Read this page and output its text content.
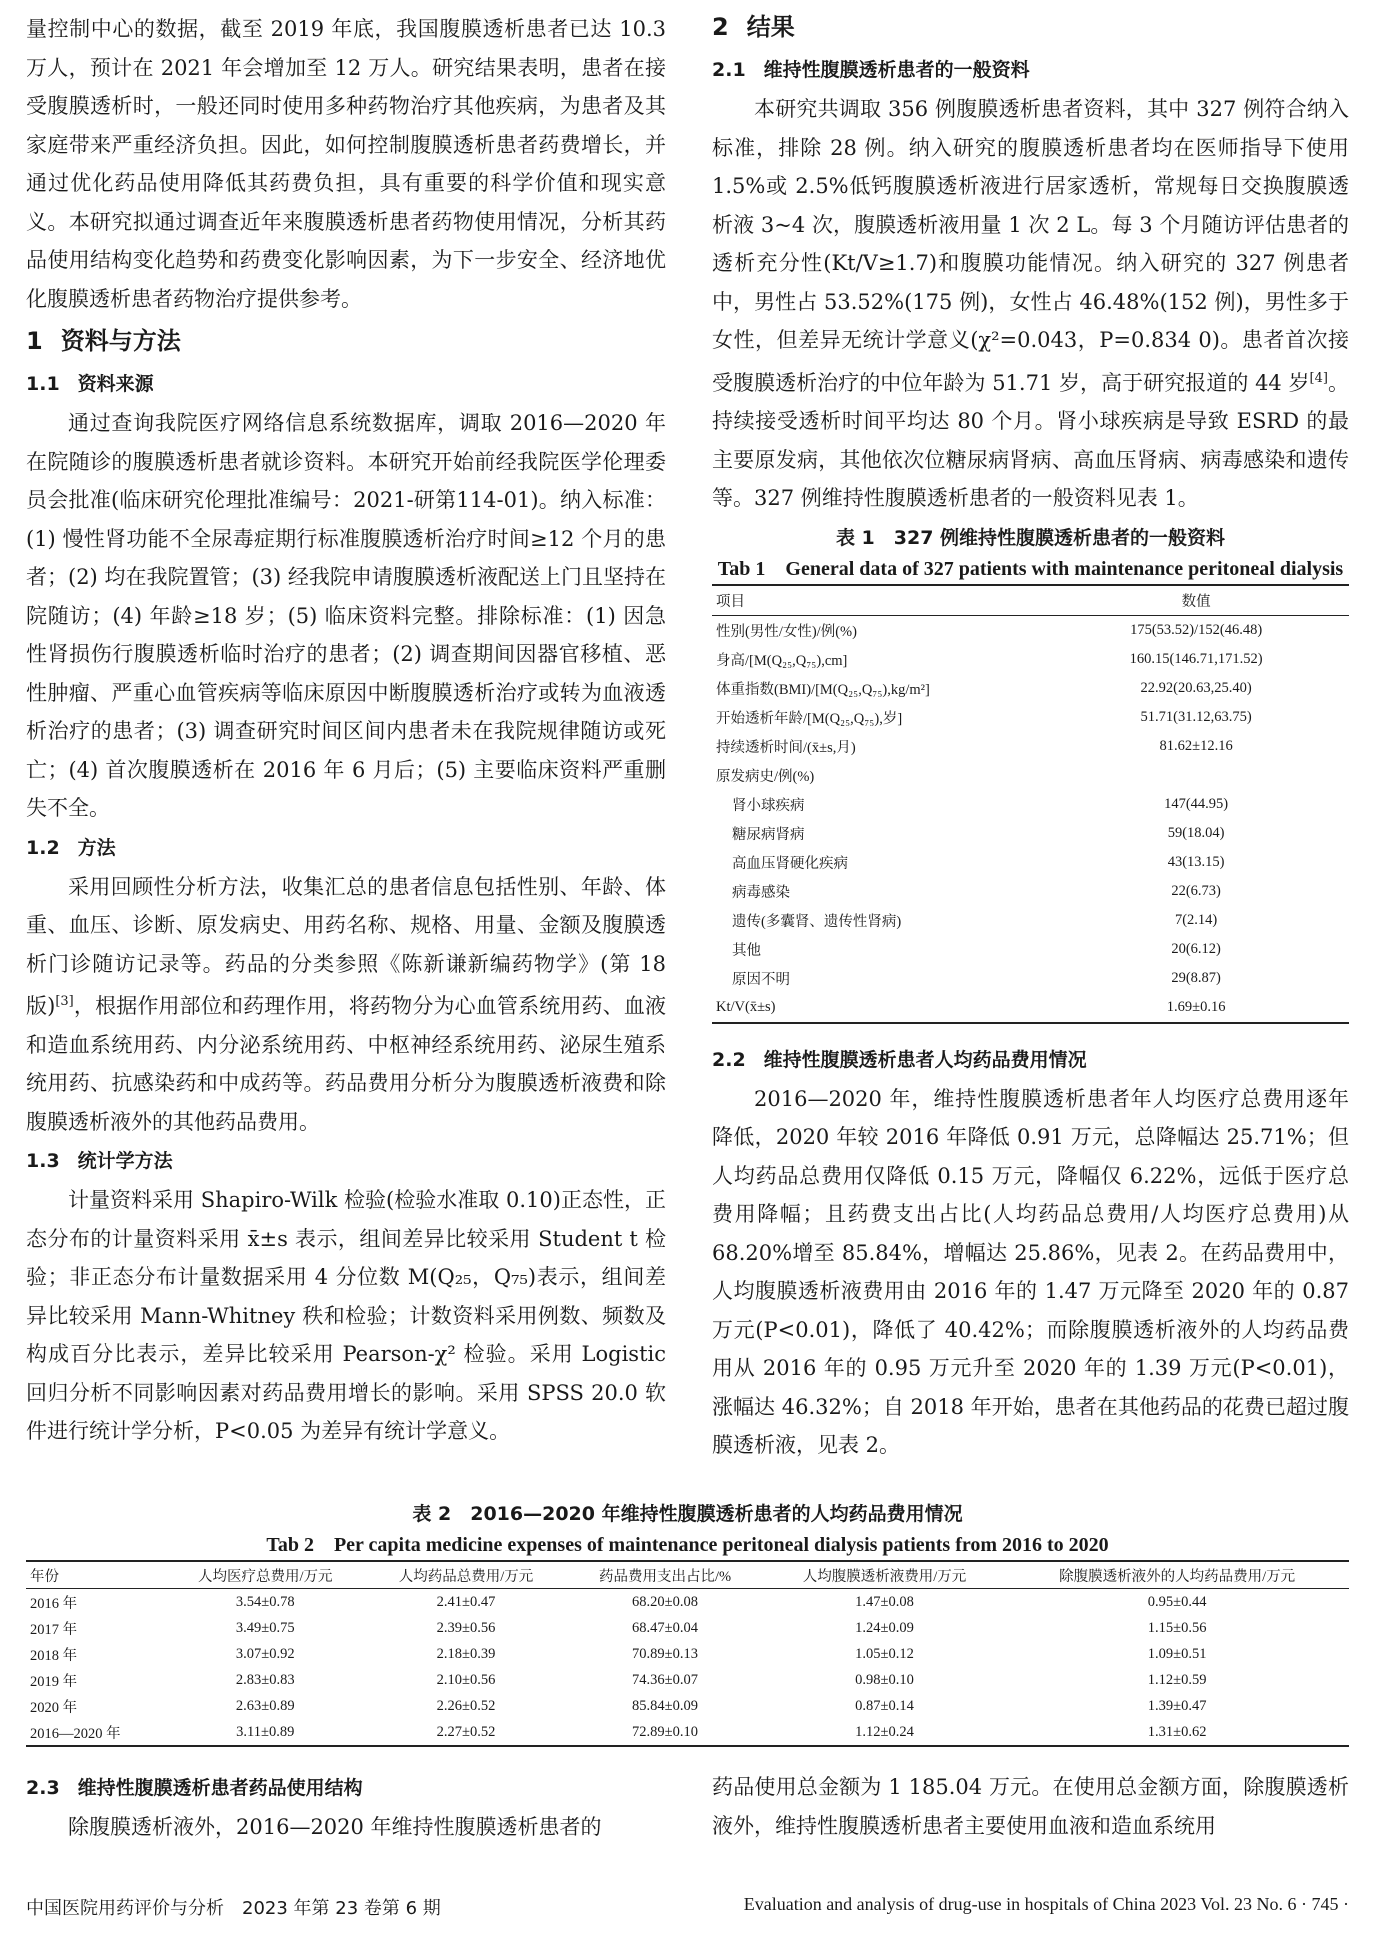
量控制中心的数据，截至 2019 年底，我国腹膜透析患者已达 10.3 万人，预计在 2021 年会增加至 12 万人。研究结果表明，患者在接受腹膜透析时，一般还同时使用多种药物治疗其他疾病，为患者及其家庭带来严重经济负担。因此，如何控制腹膜透析患者药费增长，并通过优化药品使用降低其药费负担，具有重要的科学价值和现实意义。本研究拟通过调查近年来腹膜透析患者药物使用情况，分析其药品使用结构变化趋势和药费变化影响因素，为下一步安全、经济地优化腹膜透析患者药物治疗提供参考。

1 资料与方法
1.1 资料来源

通过查询我院医疗网络信息系统数据库，调取 2016—2020 年在院随诊的腹膜透析患者就诊资料。本研究开始前经我院医学伦理委员会批准(临床研究伦理批准编号：2021-研第114-01)。纳入标准：(1) 慢性肾功能不全尿毒症期行标准腹膜透析治疗时间≥12 个月的患者；(2) 均在我院置管；(3) 经我院申请腹膜透析液配送上门且坚持在院随访；(4) 年龄≥18 岁；(5) 临床资料完整。排除标准：(1) 因急性肾损伤行腹膜透析临时治疗的患者；(2) 调查期间因器官移植、恶性肿瘤、严重心血管疾病等临床原因中断腹膜透析治疗或转为血液透析治疗的患者；(3) 调查研究时间区间内患者未在我院规律随访或死亡；(4) 首次腹膜透析在 2016 年 6 月后；(5) 主要临床资料严重删失不全。

1.2 方法

采用回顾性分析方法，收集汇总的患者信息包括性别、年龄、体重、血压、诊断、原发病史、用药名称、规格、用量、金额及腹膜透析门诊随访记录等。药品的分类参照《陈新谦新编药物学》(第 18 版)[3]，根据作用部位和药理作用，将药物分为心血管系统用药、血液和造血系统用药、内分泌系统用药、中枢神经系统用药、泌尿生殖系统用药、抗感染药和中成药等。药品费用分析分为腹膜透析液费和除腹膜透析液外的其他药品费用。

1.3 统计学方法

计量资料采用 Shapiro-Wilk 检验(检验水准取 0.10)正态性，正态分布的计量资料采用 x̄±s 表示，组间差异比较采用 Student t 检验；非正态分布计量数据采用 4 分位数 M(Q₂₅，Q₇₅)表示，组间差异比较采用 Mann-Whitney 秩和检验；计数资料采用例数、频数及构成百分比表示，差异比较采用 Pearson-χ² 检验。采用 Logistic 回归分析不同影响因素对药品费用增长的影响。采用 SPSS 20.0 软件进行统计学分析，P<0.05 为差异有统计学意义。

2 结果
2.1 维持性腹膜透析患者的一般资料

本研究共调取 356 例腹膜透析患者资料，其中 327 例符合纳入标准，排除 28 例。纳入研究的腹膜透析患者均在医师指导下使用 1.5%或 2.5%低钙腹膜透析液进行居家透析，常规每日交换腹膜透析液 3~4 次，腹膜透析液用量 1 次 2 L。每 3 个月随访评估患者的透析充分性(Kt/V≥1.7)和腹膜功能情况。纳入研究的 327 例患者中，男性占 53.52%(175 例)，女性占 46.48%(152 例)，男性多于女性，但差异无统计学意义(χ²=0.043，P=0.834 0)。患者首次接受腹膜透析治疗的中位年龄为 51.71 岁，高于研究报道的 44 岁[4]。持续接受透析时间平均达 80 个月。肾小球疾病是导致 ESRD 的最主要原发病，其他依次位糖尿病肾病、高血压肾病、病毒感染和遗传等。327 例维持性腹膜透析患者的一般资料见表 1。

表 1　327 例维持性腹膜透析患者的一般资料
Tab 1　General data of 327 patients with maintenance peritoneal dialysis
项目	数值
性别(男性/女性)/例(%)	175(53.52)/152(46.48)
身高/[M(Q₂₅,Q₇₅),cm]	160.15(146.71,171.52)
体重指数(BMI)/[M(Q₂₅,Q₇₅),kg/m²]	22.92(20.63,25.40)
开始透析年龄/[M(Q₂₅,Q₇₅),岁]	51.71(31.12,63.75)
持续透析时间/(x̄±s,月)	81.62±12.16
原发病史/例(%)	
肾小球疾病	147(44.95)
糖尿病肾病	59(18.04)
高血压肾硬化疾病	43(13.15)
病毒感染	22(6.73)
遗传(多囊肾、遗传性肾病)	7(2.14)
其他	20(6.12)
原因不明	29(8.87)
Kt/V(x̄±s)	1.69±0.16
2.2 维持性腹膜透析患者人均药品费用情况

2016—2020 年，维持性腹膜透析患者年人均医疗总费用逐年降低，2020 年较 2016 年降低 0.91 万元，总降幅达 25.71%；但人均药品总费用仅降低 0.15 万元，降幅仅 6.22%，远低于医疗总费用降幅；且药费支出占比(人均药品总费用/人均医疗总费用)从 68.20%增至 85.84%，增幅达 25.86%，见表 2。在药品费用中，人均腹膜透析液费用由 2016 年的 1.47 万元降至 2020 年的 0.87 万元(P<0.01)，降低了 40.42%；而除腹膜透析液外的人均药品费用从 2016 年的 0.95 万元升至 2020 年的 1.39 万元(P<0.01)，涨幅达 46.32%；自 2018 年开始，患者在其他药品的花费已超过腹膜透析液，见表 2。

表 2　2016—2020 年维持性腹膜透析患者的人均药品费用情况
Tab 2　Per capita medicine expenses of maintenance peritoneal dialysis patients from 2016 to 2020
年份	人均医疗总费用/万元	人均药品总费用/万元	药品费用支出占比/%	人均腹膜透析液费用/万元	除腹膜透析液外的人均药品费用/万元
2016 年	3.54±0.78	2.41±0.47	68.20±0.08	1.47±0.08	0.95±0.44
2017 年	3.49±0.75	2.39±0.56	68.47±0.04	1.24±0.09	1.15±0.56
2018 年	3.07±0.92	2.18±0.39	70.89±0.13	1.05±0.12	1.09±0.51
2019 年	2.83±0.83	2.10±0.56	74.36±0.07	0.98±0.10	1.12±0.59
2020 年	2.63±0.89	2.26±0.52	85.84±0.09	0.87±0.14	1.39±0.47
2016—2020 年	3.11±0.89	2.27±0.52	72.89±0.10	1.12±0.24	1.31±0.62
2.3 维持性腹膜透析患者药品使用结构

除腹膜透析液外，2016—2020 年维持性腹膜透析患者的

药品使用总金额为 1 185.04 万元。在使用总金额方面，除腹膜透析液外，维持性腹膜透析患者主要使用血液和造血系统用

中国医院用药评价与分析　2023 年第 23 卷第 6 期	Evaluation and analysis of drug-use in hospitals of China 2023 Vol. 23 No. 6 · 745 ·
